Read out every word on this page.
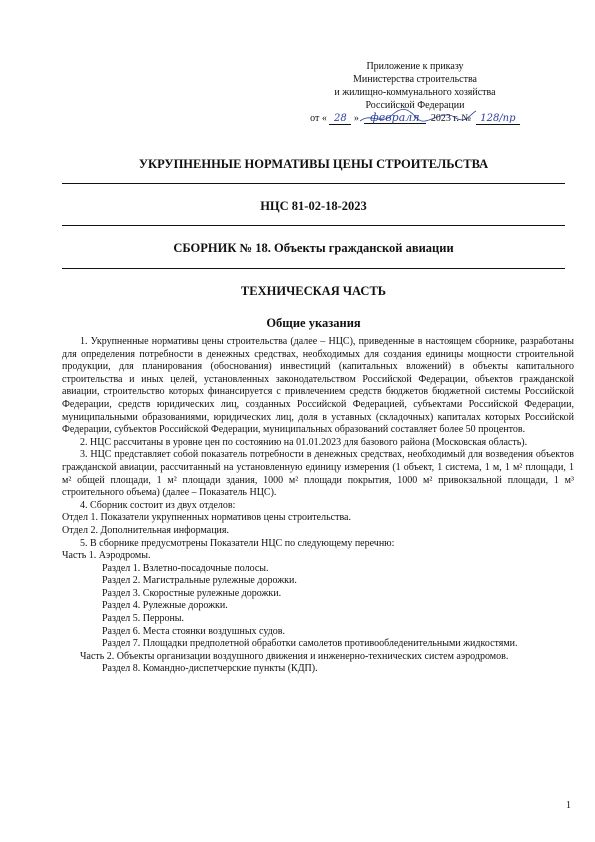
Приложение к приказу
Министерства строительства
и жилищно-коммунального хозяйства
Российской Федерации
от « 28 » февраля 2023 г. № 128/пр
УКРУПНЕННЫЕ НОРМАТИВЫ ЦЕНЫ СТРОИТЕЛЬСТВА
НЦС 81-02-18-2023
СБОРНИК № 18. Объекты гражданской авиации
ТЕХНИЧЕСКАЯ ЧАСТЬ
Общие указания

1. Укрупненные нормативы цены строительства (далее – НЦС), приведенные в настоящем сборнике, разработаны для определения потребности в денежных средствах, необходимых для создания единицы мощности строительной продукции, для планирования (обоснования) инвестиций (капитальных вложений) в объекты капитального строительства и иных целей, установленных законодательством Российской Федерации, объектов гражданской авиации, строительство которых финансируется с привлечением средств бюджетов бюджетной системы Российской Федерации, средств юридических лиц, созданных Российской Федерацией, субъектами Российской Федерации, муниципальными образованиями, юридических лиц, доля в уставных (складочных) капиталах которых Российской Федерации, субъектов Российской Федерации, муниципальных образований составляет более 50 процентов.

2. НЦС рассчитаны в уровне цен по состоянию на 01.01.2023 для базового района (Московская область).

3. НЦС представляет собой показатель потребности в денежных средствах, необходимый для возведения объектов гражданской авиации, рассчитанный на установленную единицу измерения (1 объект, 1 система, 1 м, 1 м² площади, 1 м² общей площади, 1 м² площади здания, 1000 м² площади покрытия, 1000 м² привокзальной площади, 1 м³ строительного объема) (далее – Показатель НЦС).

4. Сборник состоит из двух отделов:

Отдел 1. Показатели укрупненных нормативов цены строительства.

Отдел 2. Дополнительная информация.

5. В сборнике предусмотрены Показатели НЦС по следующему перечню:

Часть 1. Аэродромы.

Раздел 1. Взлетно-посадочные полосы.

Раздел 2. Магистральные рулежные дорожки.

Раздел 3. Скоростные рулежные дорожки.

Раздел 4. Рулежные дорожки.

Раздел 5. Перроны.

Раздел 6. Места стоянки воздушных судов.

Раздел 7. Площадки предполетной обработки самолетов противообледенительными жидкостями.

Часть 2. Объекты организации воздушного движения и инженерно-технических систем аэродромов.

Раздел 8. Командно-диспетчерские пункты (КДП).

1
